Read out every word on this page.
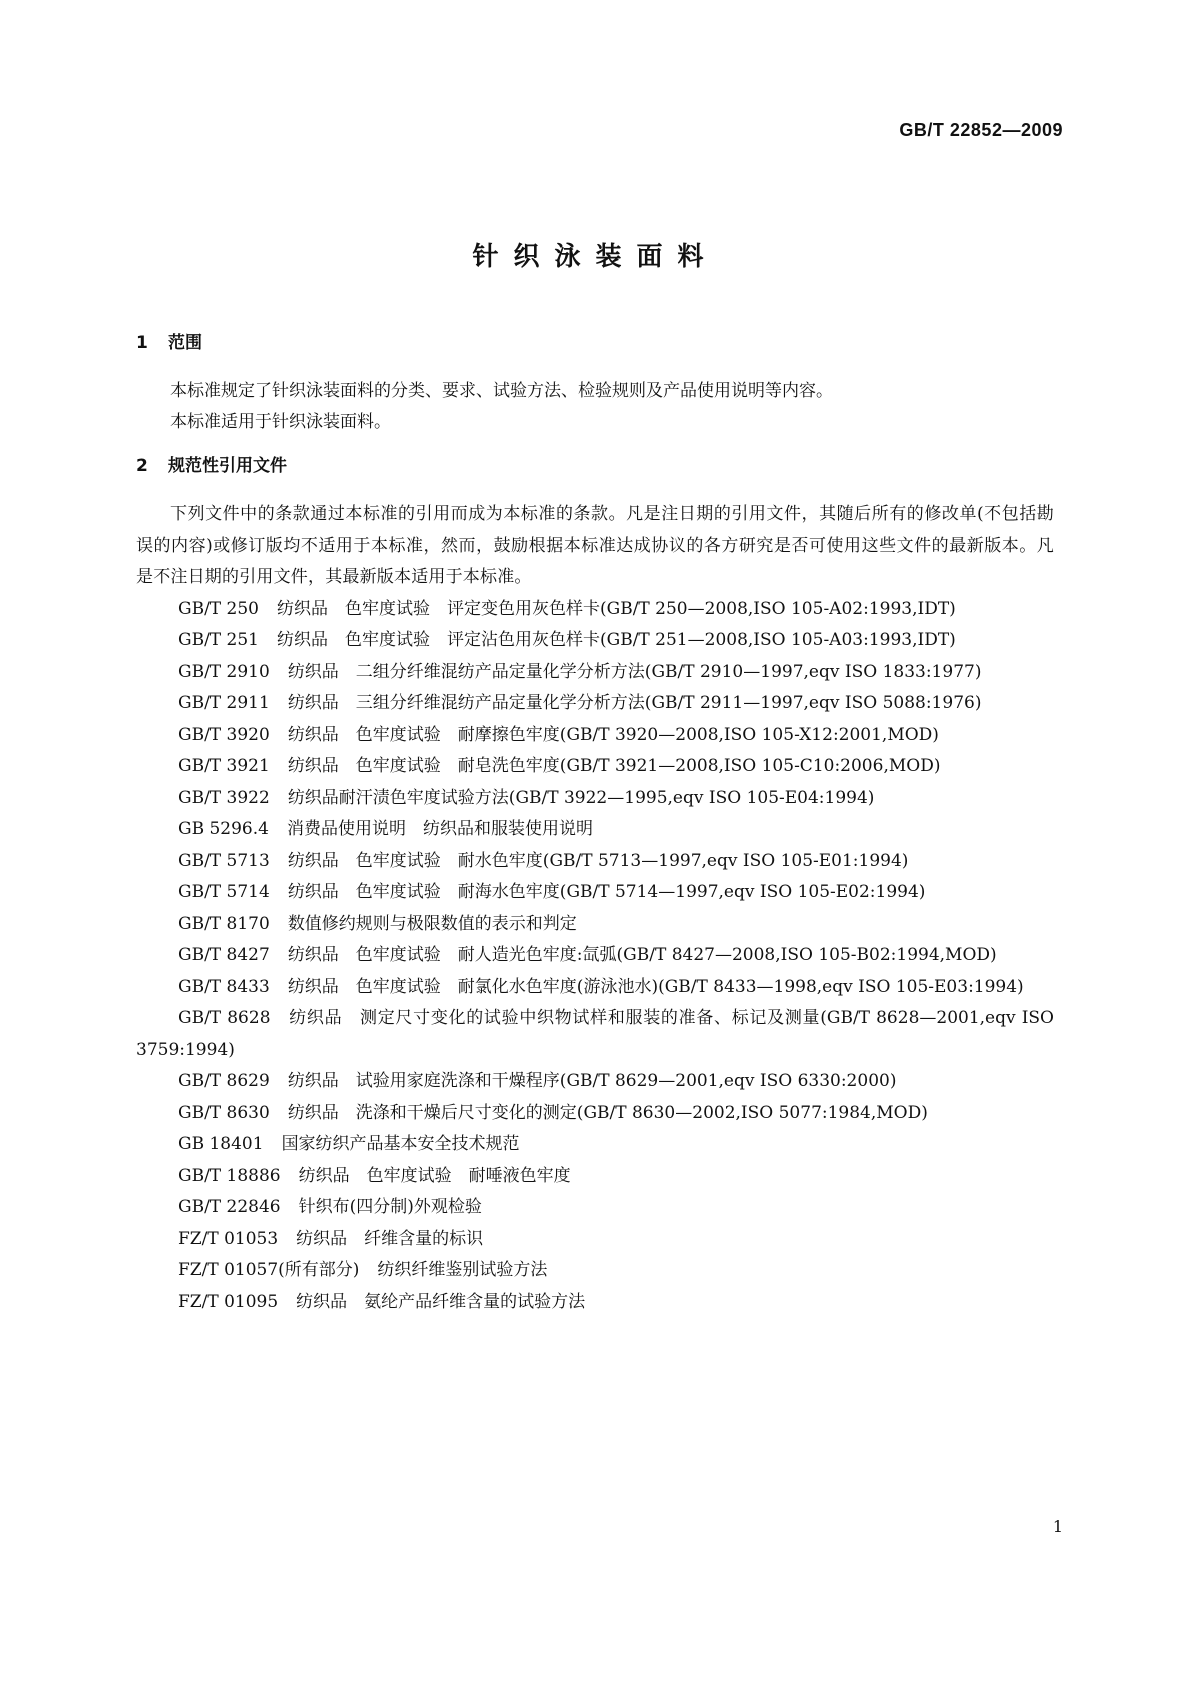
GB/T 22852—2009
针织泳装面料
1 范围

本标准规定了针织泳装面料的分类、要求、试验方法、检验规则及产品使用说明等内容。

本标准适用于针织泳装面料。

2 规范性引用文件

下列文件中的条款通过本标准的引用而成为本标准的条款。凡是注日期的引用文件，其随后所有的修改单(不包括勘误的内容)或修订版均不适用于本标准，然而，鼓励根据本标准达成协议的各方研究是否可使用这些文件的最新版本。凡是不注日期的引用文件，其最新版本适用于本标准。

GB/T 250 纺织品　色牢度试验　评定变色用灰色样卡(GB/T 250—2008,ISO 105-A02:1993,IDT)
GB/T 251 纺织品　色牢度试验　评定沾色用灰色样卡(GB/T 251—2008,ISO 105-A03:1993,IDT)
GB/T 2910 纺织品　二组分纤维混纺产品定量化学分析方法(GB/T 2910—1997,eqv ISO 1833:1977)
GB/T 2911 纺织品　三组分纤维混纺产品定量化学分析方法(GB/T 2911—1997,eqv ISO 5088:1976)
GB/T 3920 纺织品　色牢度试验　耐摩擦色牢度(GB/T 3920—2008,ISO 105-X12:2001,MOD)
GB/T 3921 纺织品　色牢度试验　耐皂洗色牢度(GB/T 3921—2008,ISO 105-C10:2006,MOD)
GB/T 3922 纺织品耐汗渍色牢度试验方法(GB/T 3922—1995,eqv ISO 105-E04:1994)
GB 5296.4 消费品使用说明　纺织品和服装使用说明
GB/T 5713 纺织品　色牢度试验　耐水色牢度(GB/T 5713—1997,eqv ISO 105-E01:1994)
GB/T 5714 纺织品　色牢度试验　耐海水色牢度(GB/T 5714—1997,eqv ISO 105-E02:1994)
GB/T 8170 数值修约规则与极限数值的表示和判定
GB/T 8427 纺织品　色牢度试验　耐人造光色牢度:氙弧(GB/T 8427—2008,ISO 105-B02:1994,MOD)
GB/T 8433 纺织品　色牢度试验　耐氯化水色牢度(游泳池水)(GB/T 8433—1998,eqv ISO 105-E03:1994)
GB/T 8628 纺织品　测定尺寸变化的试验中织物试样和服装的准备、标记及测量(GB/T 8628—2001,eqv ISO 3759:1994)
GB/T 8629 纺织品　试验用家庭洗涤和干燥程序(GB/T 8629—2001,eqv ISO 6330:2000)
GB/T 8630 纺织品　洗涤和干燥后尺寸变化的测定(GB/T 8630—2002,ISO 5077:1984,MOD)
GB 18401 国家纺织产品基本安全技术规范
GB/T 18886 纺织品　色牢度试验　耐唾液色牢度
GB/T 22846 针织布(四分制)外观检验
FZ/T 01053 纺织品　纤维含量的标识
FZ/T 01057(所有部分) 纺织纤维鉴别试验方法
FZ/T 01095 纺织品　氨纶产品纤维含量的试验方法
1
